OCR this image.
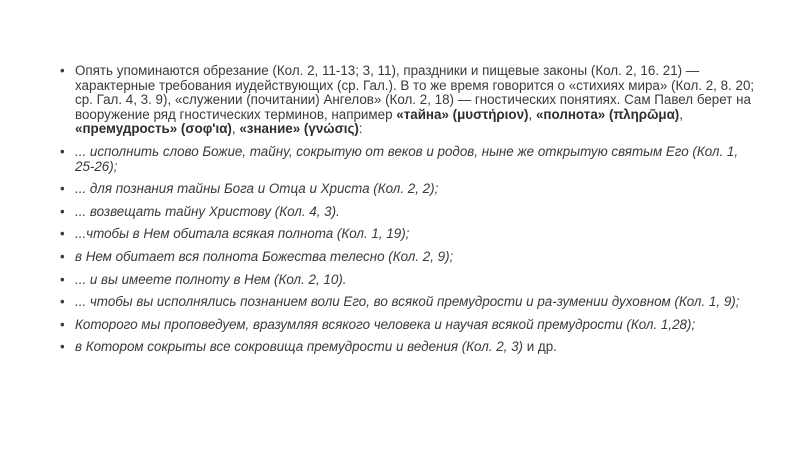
• Опять упоминаются обрезание (Кол. 2, 11-13; 3, 11), праздники и пищевые законы (Кол. 2, 16. 21) — характерные требования иудействующих (ср. Гал.). В то же время говорится о «стихиях мира» (Кол. 2, 8. 20; ср. Гал. 4, 3. 9), «служении (почитании) Ангелов» (Кол. 2, 18) — гностических понятиях. Сам Павел берет на вооружение ряд гностических терминов, например «тайна» (μυστήριον), «полнота» (πληρῶμα), «премудрость» (σοφ'ια), «знание» (γνώσις):
• ... исполнить слово Божие, тайну, сокрытую от веков и родов, ныне же открытую святым Его (Кол. 1, 25-26);
• ... для познания тайны Бога и Отца и Христа (Кол. 2, 2);
• ... возвещать тайну Христову (Кол. 4, 3).
• ...чтобы в Нем обитала всякая полнота (Кол. 1, 19);
• в Нем обитает вся полнота Божества телесно (Кол. 2, 9);
• ... и вы имеете полноту в Нем (Кол. 2, 10).
• ... чтобы вы исполнялись познанием воли Его, во всякой премудрости и ра-зумении духовном (Кол. 1, 9);
• Которого мы проповедуем, вразумляя всякого человека и научая всякой премудрости (Кол. 1,28);
• в Котором сокрыты все сокровища премудрости и ведения (Кол. 2, 3) и др.
